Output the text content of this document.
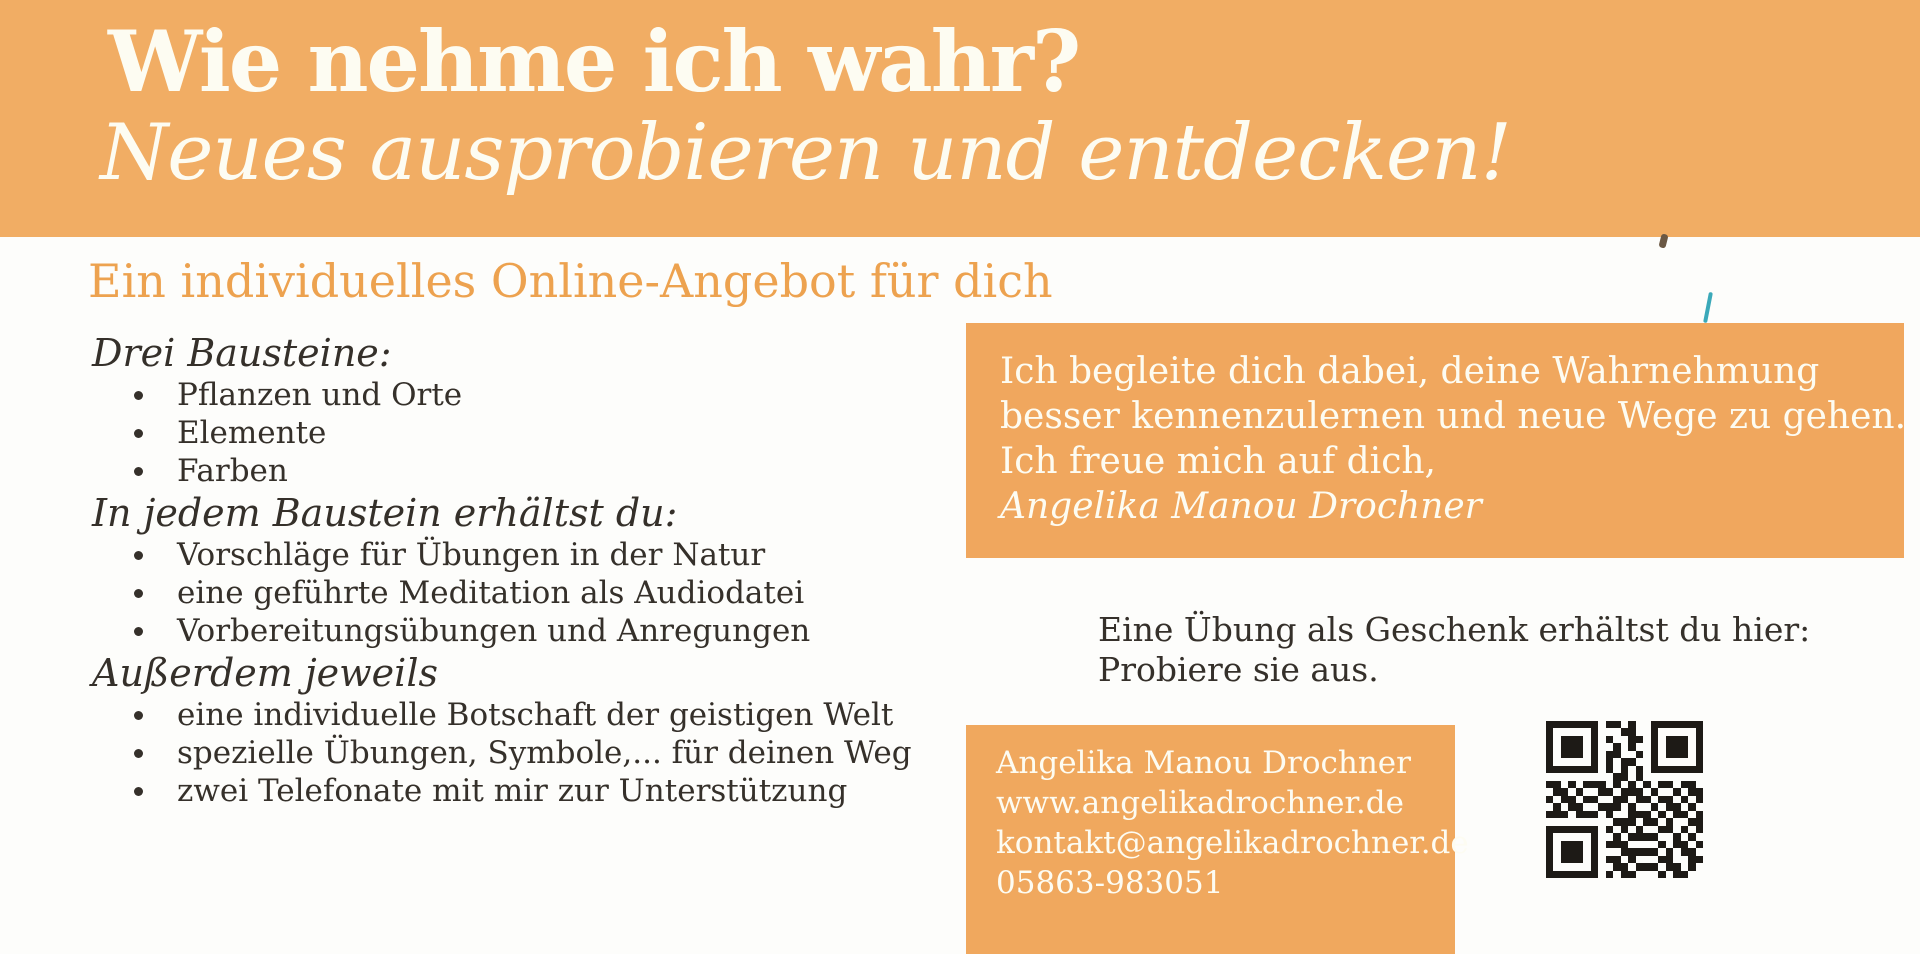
Wie nehme ich wahr?
Neues ausprobieren und entdecken!
Ein individuelles Online-Angebot für dich
Drei Bausteine:
Pflanzen und Orte
Elemente
Farben
In jedem Baustein erhältst du:
Vorschläge für Übungen in der Natur
eine geführte Meditation als Audiodatei
Vorbereitungsübungen und Anregungen
Außerdem jeweils
eine individuelle Botschaft der geistigen Welt
spezielle Übungen, Symbole,... für deinen Weg
zwei Telefonate mit mir zur Unterstützung
Ich begleite dich dabei, deine Wahrnehmung
besser kennenzulernen und neue Wege zu gehen.
Ich freue mich auf dich,
Angelika Manou Drochner
Eine Übung als Geschenk erhältst du hier:
Probiere sie aus.
Angelika Manou Drochner
www.angelikadrochner.de
kontakt@angelikadrochner.de
05863-983051
